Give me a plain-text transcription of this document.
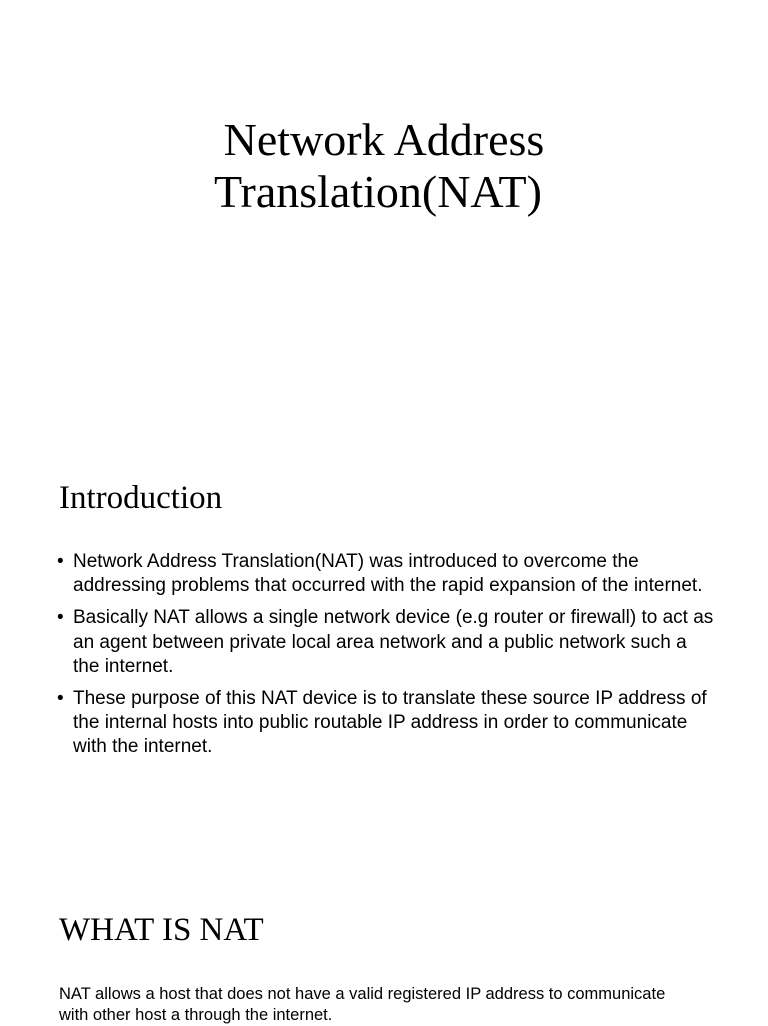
Network Address
Translation(NAT)
Introduction
• Network Address Translation(NAT) was introduced to overcome the addressing problems that occurred with the rapid expansion of the internet.
• Basically NAT allows a single network device (e.g router or firewall) to act as an agent between private local area network and a public network such a the internet.
• These purpose of this NAT device is to translate these source IP address of the internal hosts into public routable IP address in order to communicate with the internet.
WHAT IS NAT

NAT allows a host that does not have a valid registered IP address to communicate with other host a through the internet.
